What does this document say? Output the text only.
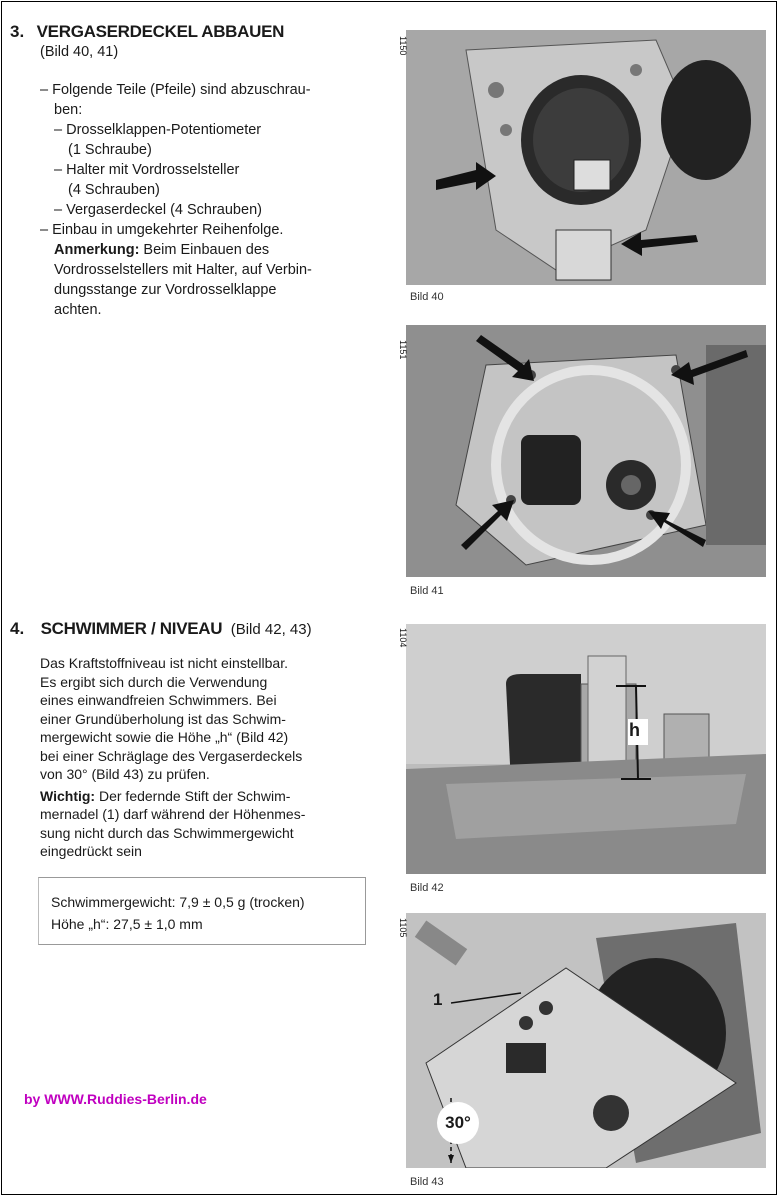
3. VERGASERDECKEL ABBAUEN
(Bild 40, 41)
– Folgende Teile (Pfeile) sind abzuschrau-
ben:
– Drosselklappen-Potentiometer
(1 Schraube)
– Halter mit Vordrosselsteller
(4 Schrauben)
– Vergaserdeckel (4 Schrauben)
– Einbau in umgekehrter Reihenfolge.
Anmerkung: Beim Einbauen des
Vordrosselstellers mit Halter, auf Verbin-
dungsstange zur Vordrosselklappe
achten.
1150
Bild 40
1151
Bild 41
4. SCHWIMMER / NIVEAU (Bild 42, 43)
Das Kraftstoffniveau ist nicht einstellbar.
Es ergibt sich durch die Verwendung
eines einwandfreien Schwimmers. Bei
einer Grundüberholung ist das Schwim-
mergewicht sowie die Höhe „h“ (Bild 42)
bei einer Schräglage des Vergaserdeckels
von 30° (Bild 43) zu prüfen.
Wichtig: Der federnde Stift der Schwim-
mernadel (1) darf während der Höhenmes-
sung nicht durch das Schwimmergewicht
eingedrückt sein
Schwimmergewicht: 7,9 ± 0,5 g (trocken)
Höhe „h“: 27,5 ± 1,0 mm
h
1104
Bild 42
1
30°
1105
Bild 43
by WWW.Ruddies-Berlin.de
